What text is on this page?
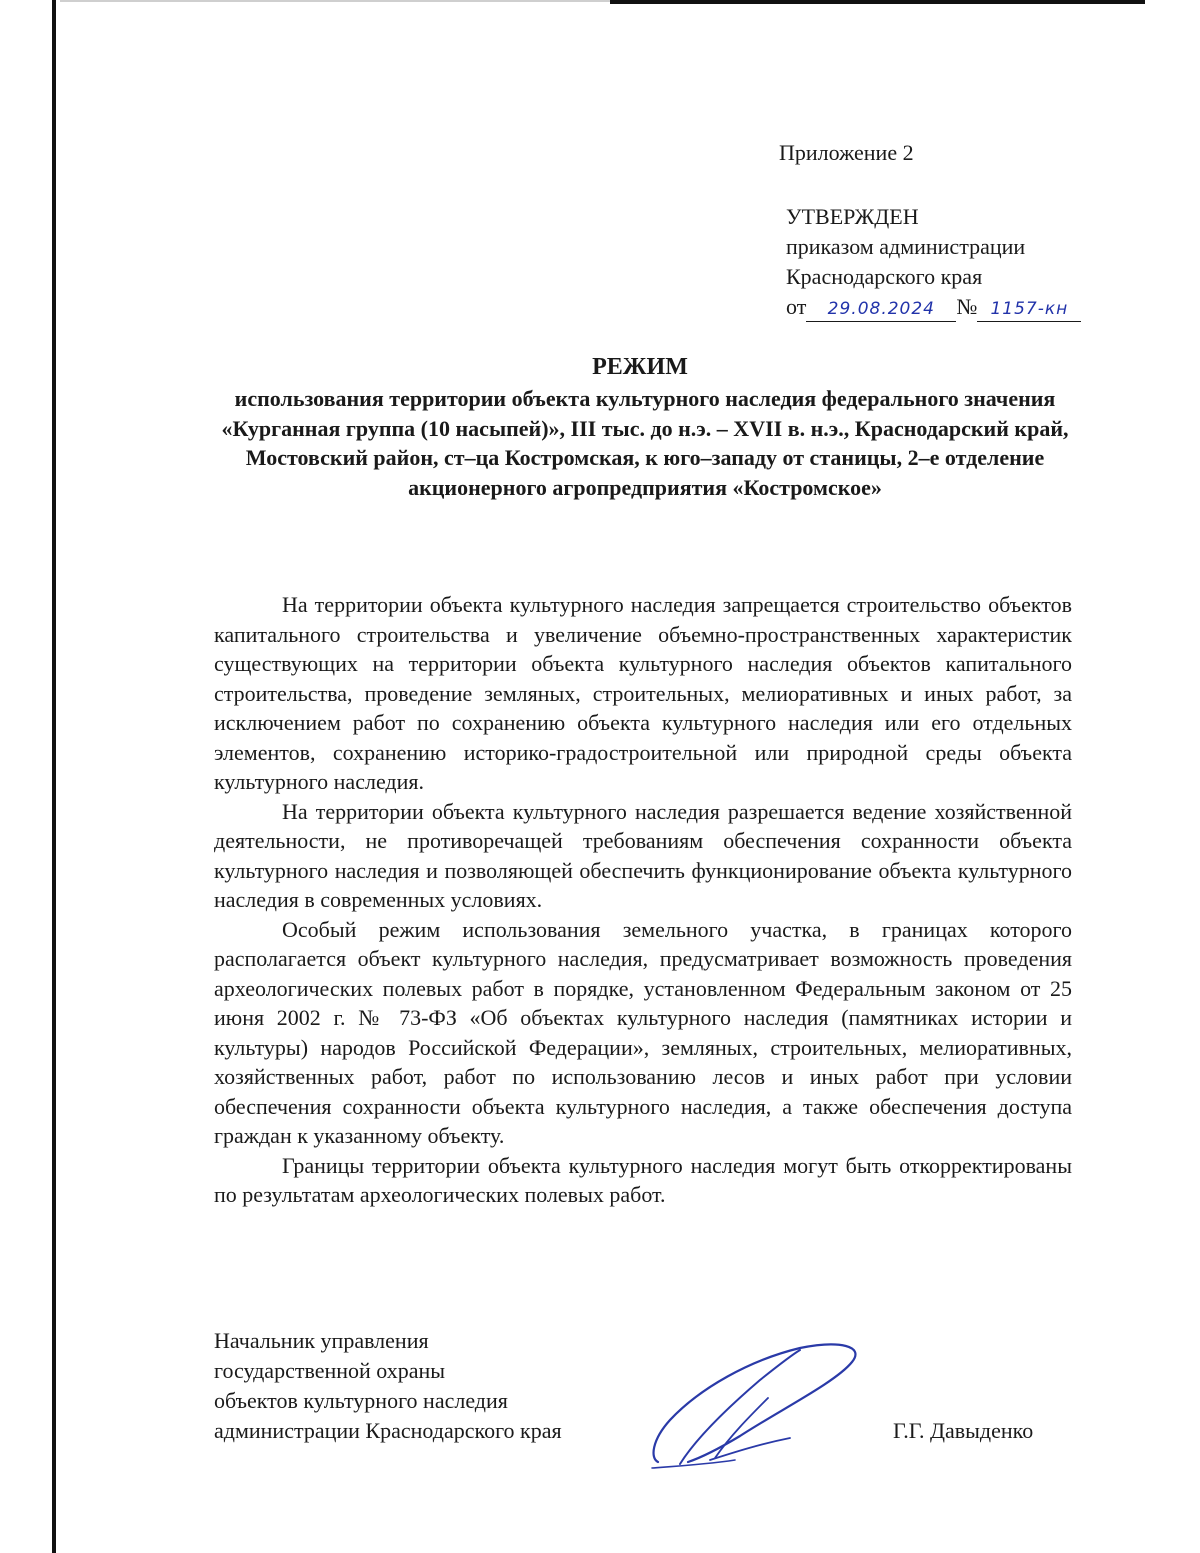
Приложение 2
УТВЕРЖДЕН
приказом администрации
Краснодарского края
от 29.08.2024 № 1157-кн
РЕЖИМ
использования территории объекта культурного наследия федерального значения «Курганная группа (10 насыпей)», III тыс. до н.э. – XVII в. н.э., Краснодарский край, Мостовский район, ст–ца Костромская, к юго–западу от станицы, 2–е отделение акционерного агропредприятия «Костромское»

На территории объекта культурного наследия запрещается строительство объектов капитального строительства и увеличение объемно-пространственных характеристик существующих на территории объекта культурного наследия объектов капитального строительства, проведение земляных, строительных, мелиоративных и иных работ, за исключением работ по сохранению объекта культурного наследия или его отдельных элементов, сохранению историко-градостроительной или природной среды объекта культурного наследия.

На территории объекта культурного наследия разрешается ведение хозяйственной деятельности, не противоречащей требованиям обеспечения сохранности объекта культурного наследия и позволяющей обеспечить функционирование объекта культурного наследия в современных условиях.

Особый режим использования земельного участка, в границах которого располагается объект культурного наследия, предусматривает возможность проведения археологических полевых работ в порядке, установленном Федеральным законом от 25 июня 2002 г. № 73-ФЗ «Об объектах культурного наследия (памятниках истории и культуры) народов Российской Федерации», земляных, строительных, мелиоративных, хозяйственных работ, работ по использованию лесов и иных работ при условии обеспечения сохранности объекта культурного наследия, а также обеспечения доступа граждан к указанному объекту.

Границы территории объекта культурного наследия могут быть откорректированы по результатам археологических полевых работ.

Начальник управления
государственной охраны
объектов культурного наследия
администрации Краснодарского края	Г.Г. Давыденко
